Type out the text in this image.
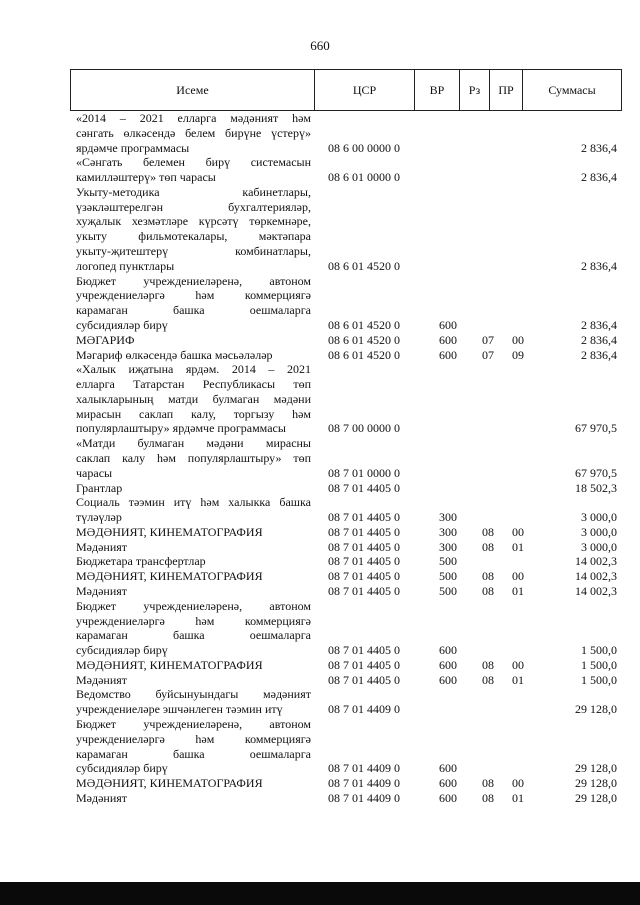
660
Исеме	ЦСР	ВР	Рз	ПР	Суммасы
«2014 – 2021 елларга мәдәният һәм
сәнгать өлкәсендә белем бирүне үстерү»
ярдәмче программасы	08 6 00 0000 0	2 836,4
«Сәнгать белемен бирү системасын
камилләштерү» төп чарасы	08 6 01 0000 0	2 836,4
Укыту-методика кабинетлары,
үзәкләштерелгән бухгалтерияләр,
хуҗалык хезмәтләре күрсәтү төркемнәре,
укыту фильмотекалары, мәктәпара
укыту-җитештерү комбинатлары,
логопед пунктлары	08 6 01 4520 0	2 836,4
Бюджет учреждениеләренә, автоном
учреждениеләргә һәм коммерциягә
карамаган башка оешмаларга
субсидияләр бирү	08 6 01 4520 0	600	2 836,4
МӘГАРИФ	08 6 01 4520 0	600	07	00	2 836,4
Мәгариф өлкәсендә башка мәсьәләләр	08 6 01 4520 0	600	07	09	2 836,4
«Халык иҗатына ярдәм. 2014 – 2021
елларга Татарстан Республикасы төп
халыкларының матди булмаган мәдәни
мирасын саклап калу, торгызу һәм
популярлаштыру» ярдәмче программасы	08 7 00 0000 0	67 970,5
«Матди булмаган мәдәни мирасны
саклап калу һәм популярлаштыру» төп
чарасы	08 7 01 0000 0	67 970,5
Грантлар	08 7 01 4405 0	18 502,3
Социаль тәэмин итү һәм халыкка башка
түләүләр	08 7 01 4405 0	300	3 000,0
МӘДӘНИЯТ, КИНЕМАТОГРАФИЯ	08 7 01 4405 0	300	08	00	3 000,0
Мәдәният	08 7 01 4405 0	300	08	01	3 000,0
Бюджетара трансфертлар	08 7 01 4405 0	500	14 002,3
МӘДӘНИЯТ, КИНЕМАТОГРАФИЯ	08 7 01 4405 0	500	08	00	14 002,3
Мәдәният	08 7 01 4405 0	500	08	01	14 002,3
Бюджет учреждениеләренә, автоном
учреждениеләргә һәм коммерциягә
карамаган башка оешмаларга
субсидияләр бирү	08 7 01 4405 0	600	1 500,0
МӘДӘНИЯТ, КИНЕМАТОГРАФИЯ	08 7 01 4405 0	600	08	00	1 500,0
Мәдәният	08 7 01 4405 0	600	08	01	1 500,0
Ведомство буйсынуындагы мәдәният
учреждениеләре эшчәнлеген тәэмин итү	08 7 01 4409 0	29 128,0
Бюджет учреждениеләренә, автоном
учреждениеләргә һәм коммерциягә
карамаган башка оешмаларга
субсидияләр бирү	08 7 01 4409 0	600	29 128,0
МӘДӘНИЯТ, КИНЕМАТОГРАФИЯ	08 7 01 4409 0	600	08	00	29 128,0
Мәдәният	08 7 01 4409 0	600	08	01	29 128,0
